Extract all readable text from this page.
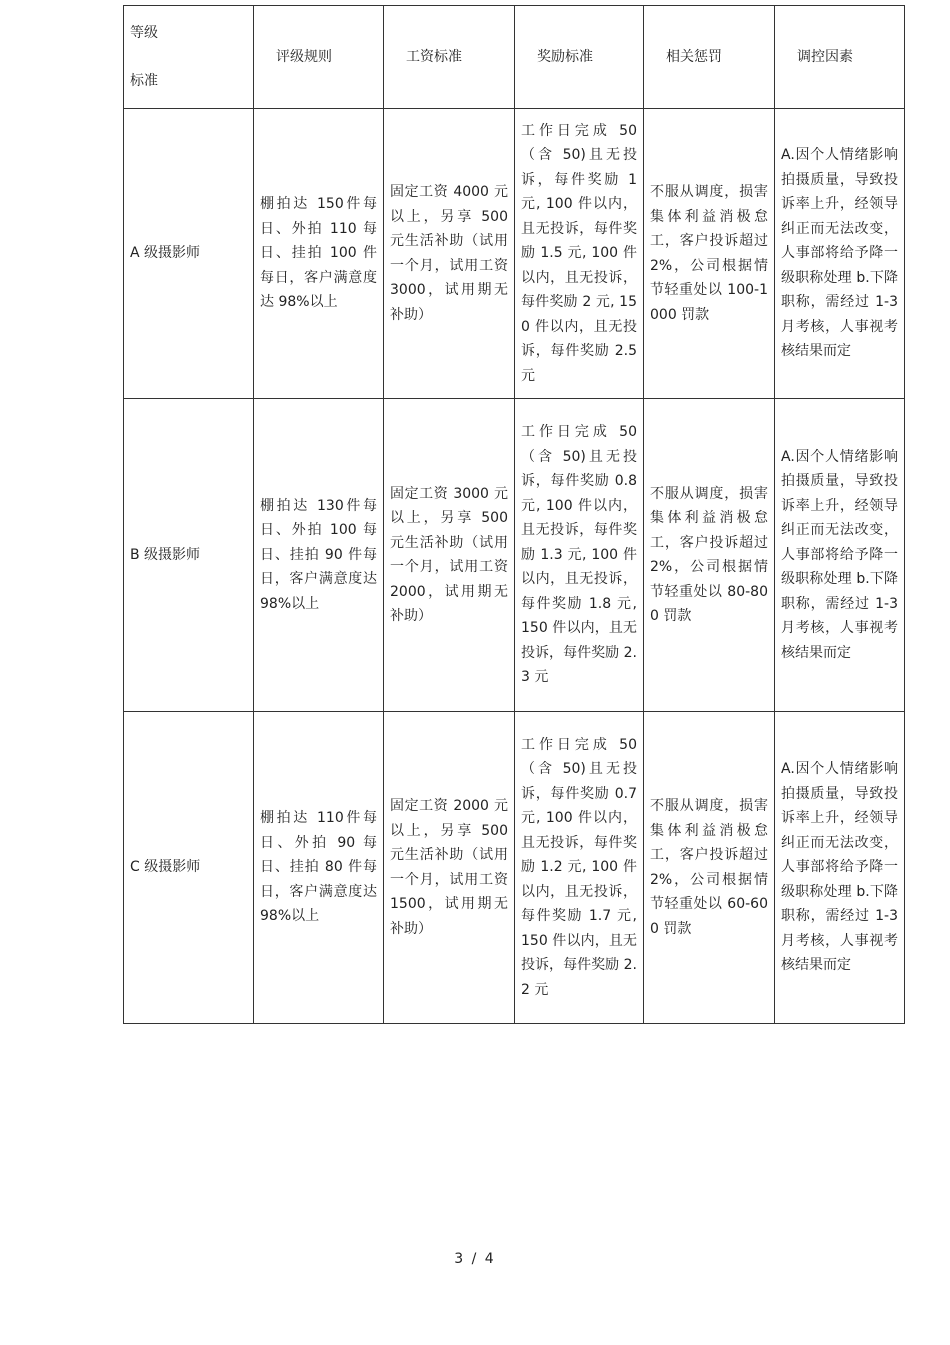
等级
标准	评级规则	工资标准	奖励标准	相关惩罚	调控因素
A 级摄影师	棚拍达 150件每日、外拍 110 每日、挂拍 100 件每日，客户满意度达 98%以上	固定工资 4000 元以上，另享 500 元生活补助（试用一个月，试用工资 3000，试用期无补助）	工作日完成 50（含 50)且无投诉，每件奖励 1 元, 100 件以内，且无投诉，每件奖励 1.5 元, 100 件以内，且无投诉，每件奖励 2 元, 150 件以内，且无投诉，每件奖励 2.5 元	不服从调度，损害集体利益消极怠工，客户投诉超过 2%，公司根据情节轻重处以 100-1000 罚款	A.因个人情绪影响拍摄质量，导致投诉率上升，经领导纠正而无法改变，人事部将给予降一级职称处理 b.下降职称，需经过 1-3 月考核，人事视考核结果而定
B 级摄影师	棚拍达 130件每日、外拍 100 每日、挂拍 90 件每日，客户满意度达 98%以上	固定工资 3000 元以上，另享 500 元生活补助（试用一个月，试用工资 2000，试用期无补助）	工作日完成 50（含 50)且无投诉，每件奖励 0.8 元, 100 件以内，且无投诉，每件奖励 1.3 元, 100 件以内，且无投诉，每件奖励 1.8 元, 150 件以内，且无投诉，每件奖励 2.3 元	不服从调度，损害集体利益消极怠工，客户投诉超过 2%，公司根据情节轻重处以 80-800 罚款	A.因个人情绪影响拍摄质量，导致投诉率上升，经领导纠正而无法改变，人事部将给予降一级职称处理 b.下降职称，需经过 1-3 月考核，人事视考核结果而定
C 级摄影师	棚拍达 110件每日、外拍 90 每日、挂拍 80 件每日，客户满意度达 98%以上	固定工资 2000 元以上，另享 500 元生活补助（试用一个月，试用工资 1500，试用期无补助）	工作日完成 50（含 50)且无投诉，每件奖励 0.7 元, 100 件以内，且无投诉，每件奖励 1.2 元, 100 件以内，且无投诉，每件奖励 1.7 元, 150 件以内，且无投诉，每件奖励 2.2 元	不服从调度，损害集体利益消极怠工，客户投诉超过 2%，公司根据情节轻重处以 60-600 罚款	A.因个人情绪影响拍摄质量，导致投诉率上升，经领导纠正而无法改变，人事部将给予降一级职称处理 b.下降职称，需经过 1-3 月考核，人事视考核结果而定
3 / 4
